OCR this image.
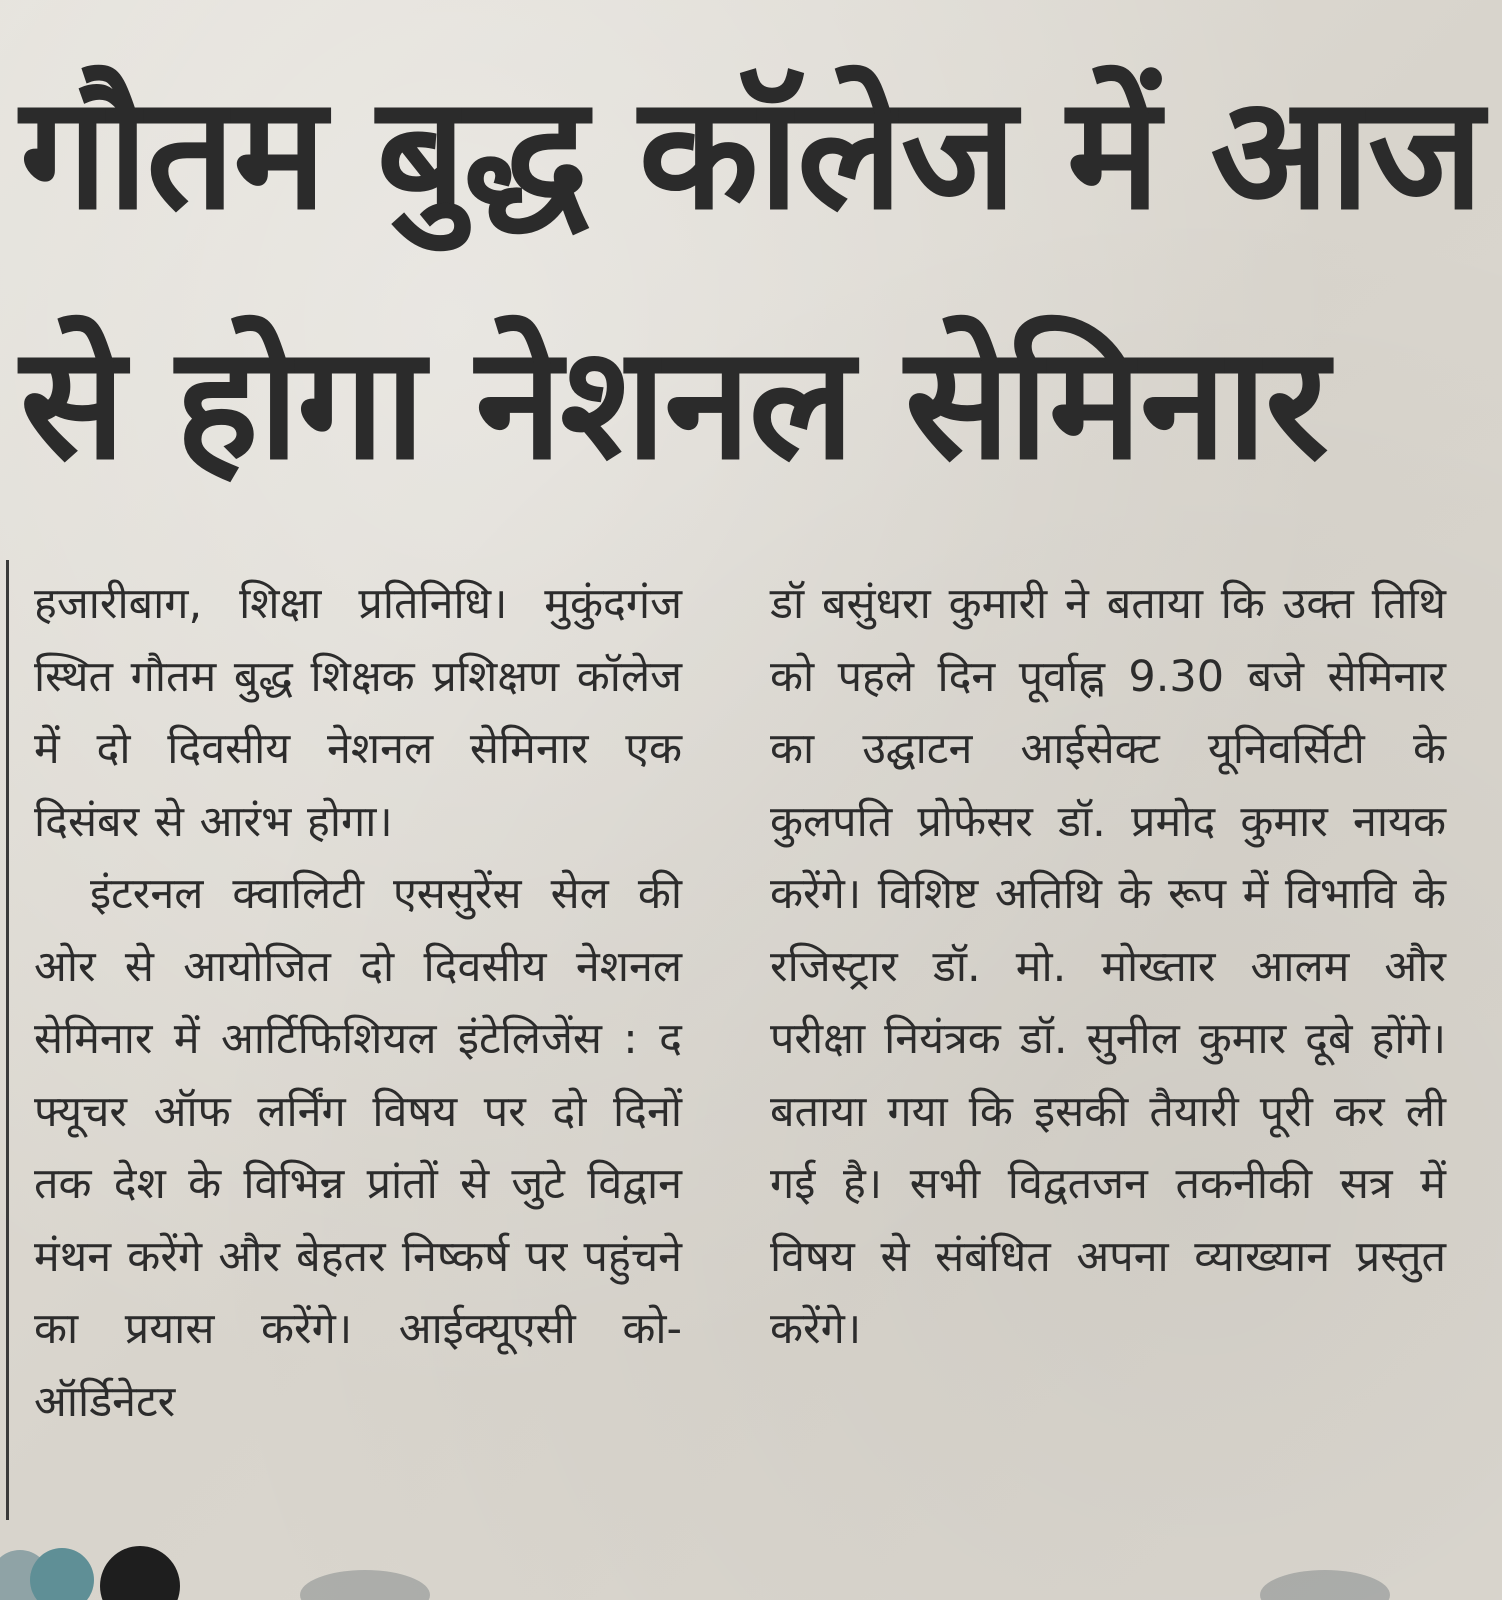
गौतम बुद्ध कॉलेज में आज
से होगा नेशनल सेमिनार

हजारीबाग, शिक्षा प्रतिनिधि। मुकुंदगंज स्थित गौतम बुद्ध शिक्षक प्रशिक्षण कॉलेज में दो दिवसीय नेशनल सेमिनार एक दिसंबर से आरंभ होगा।

इंटरनल क्वालिटी एससुरेंस सेल की ओर से आयोजित दो दिवसीय नेशनल सेमिनार में आर्टिफिशियल इंटेलिजेंस : द फ्यूचर ऑफ लर्निंग विषय पर दो दिनों तक देश के विभिन्न प्रांतों से जुटे विद्वान मंथन करेंगे और बेहतर निष्कर्ष पर पहुंचने का प्रयास करेंगे। आईक्यूएसी को-ऑर्डिनेटर

डॉ बसुंधरा कुमारी ने बताया कि उक्त तिथि को पहले दिन पूर्वाह्न 9.30 बजे सेमिनार का उद्घाटन आईसेक्ट यूनिवर्सिटी के कुलपति प्रोफेसर डॉ. प्रमोद कुमार नायक करेंगे। विशिष्ट अतिथि के रूप में विभावि के रजिस्ट्रार डॉ. मो. मोख्तार आलम और परीक्षा नियंत्रक डॉ. सुनील कुमार दूबे होंगे। बताया गया कि इसकी तैयारी पूरी कर ली गई है। सभी विद्वतजन तकनीकी सत्र में विषय से संबंधित अपना व्याख्यान प्रस्तुत करेंगे।
